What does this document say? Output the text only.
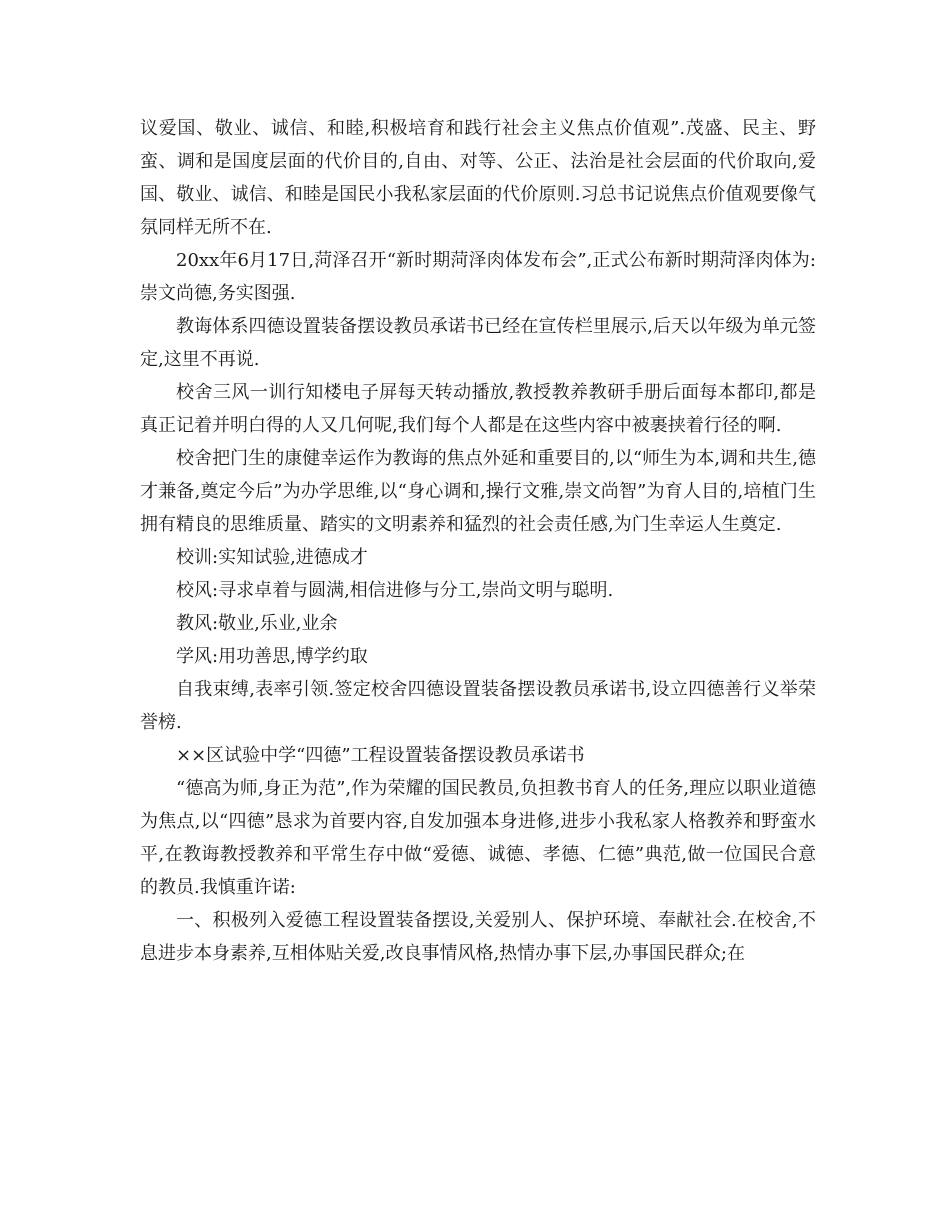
议爱国、敬业、诚信、和睦,积极培育和践行社会主义焦点价值观”.茂盛、民主、野蛮、调和是国度层面的代价目的,自由、对等、公正、法治是社会层面的代价取向,爱国、敬业、诚信、和睦是国民小我私家层面的代价原则.习总书记说焦点价值观要像气氛同样无所不在.

20xx年6月17日,菏泽召开“新时期菏泽肉体发布会”,正式公布新时期菏泽肉体为:崇文尚德,务实图强.

教诲体系四德设置装备摆设教员承诺书已经在宣传栏里展示,后天以年级为单元签定,这里不再说.

校舍三风一训行知楼电子屏每天转动播放,教授教养教研手册后面每本都印,都是真正记着并明白得的人又几何呢,我们每个人都是在这些内容中被裹挟着行径的啊.

校舍把门生的康健幸运作为教诲的焦点外延和重要目的,以“师生为本,调和共生,德才兼备,奠定今后”为办学思维,以“身心调和,操行文雅,崇文尚智”为育人目的,培植门生拥有精良的思维质量、踏实的文明素养和猛烈的社会责任感,为门生幸运人生奠定.

校训:实知试验,进德成才

校风:寻求卓着与圆满,相信进修与分工,崇尚文明与聪明.

教风:敬业,乐业,业余

学风:用功善思,博学约取

自我束缚,表率引领.签定校舍四德设置装备摆设教员承诺书,设立四德善行义举荣誉榜.

××区试验中学“四德”工程设置装备摆设教员承诺书

“德高为师,身正为范”,作为荣耀的国民教员,负担教书育人的任务,理应以职业道德为焦点,以“四德”恳求为首要内容,自发加强本身进修,进步小我私家人格教养和野蛮水平,在教诲教授教养和平常生存中做“爱德、诚德、孝德、仁德”典范,做一位国民合意的教员.我慎重许诺:

一、积极列入爱德工程设置装备摆设,关爱别人、保护环境、奉献社会.在校舍,不息进步本身素养,互相体贴关爱,改良事情风格,热情办事下层,办事国民群众;在
